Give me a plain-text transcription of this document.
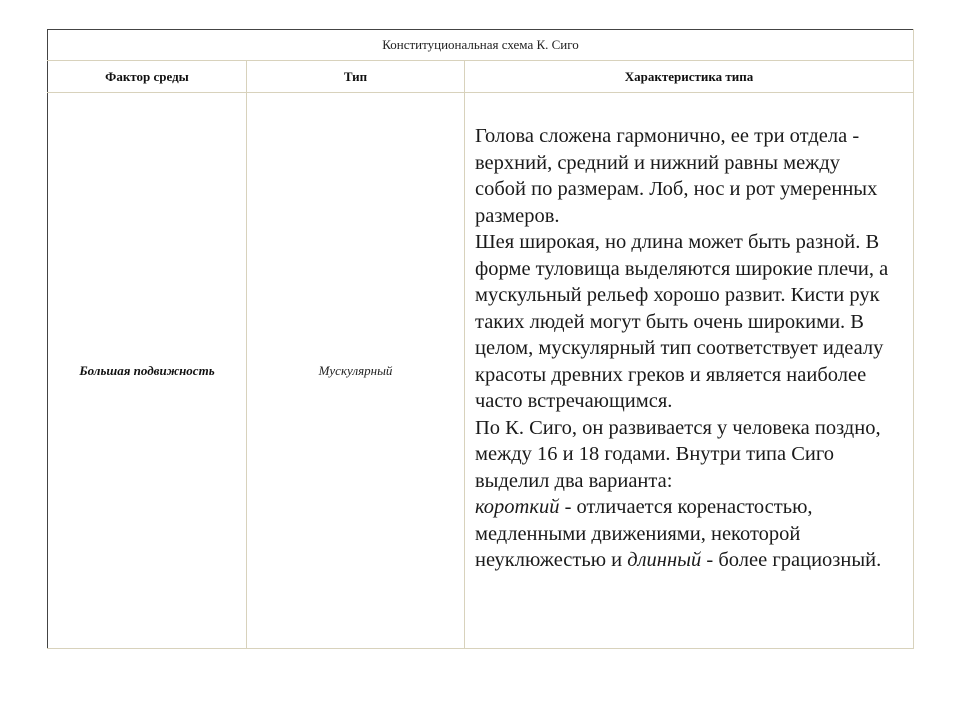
Конституциональная схема К. Сиго		
Фактор среды	Тип	Характеристика типа
Большая подвижность	Мускулярный	Голова сложена гармонично, ее три отдела - верхний, средний и нижний равны между собой по размерам. Лоб, нос и рот умеренных размеров.

Шея широкая, но длина может быть разной. В форме туловища выделяются широкие плечи, а мускульный рельеф хорошо развит. Кисти рук таких людей могут быть очень широкими. В целом, мускулярный тип соответствует идеалу красоты древних греков и является наиболее часто встречающимся.

По К. Сиго, он развивается у человека поздно, между 16 и 18 годами. Внутри типа Сиго выделил два варианта:
короткий - отличается коренастостью, медленными движениями, некоторой неуклюжестью и длинный - более грациозный.
